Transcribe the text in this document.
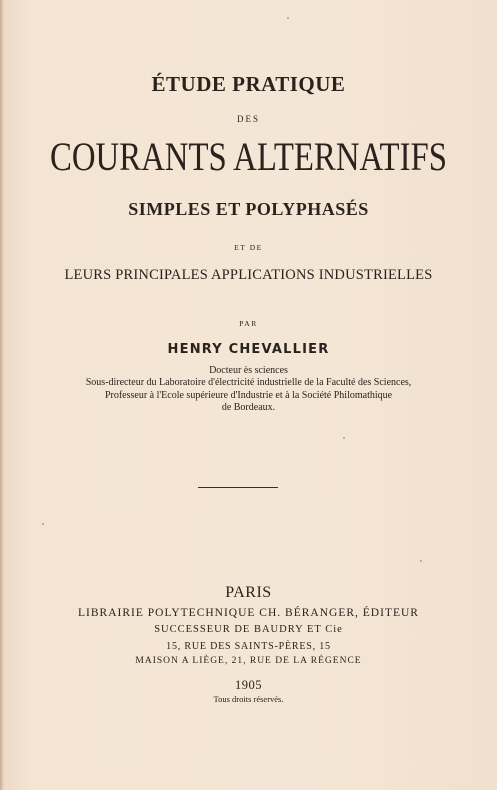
ÉTUDE PRATIQUE
DES
COURANTS ALTERNATIFS
SIMPLES ET POLYPHASÉS
ET DE
LEURS PRINCIPALES APPLICATIONS INDUSTRIELLES
PAR
HENRY CHEVALLIER
Docteur ès sciences
Sous-directeur du Laboratoire d'électricité industrielle de la Faculté des Sciences,
Professeur à l'Ecole supérieure d'Industrie et à la Société Philomathique
de Bordeaux.
PARIS
LIBRAIRIE POLYTECHNIQUE CH. BÉRANGER, ÉDITEUR
SUCCESSEUR DE BAUDRY ET Cie
15, RUE DES SAINTS-PÈRES, 15
MAISON A LIÈGE, 21, RUE DE LA RÉGENCE
1905
Tous droits réservés.
